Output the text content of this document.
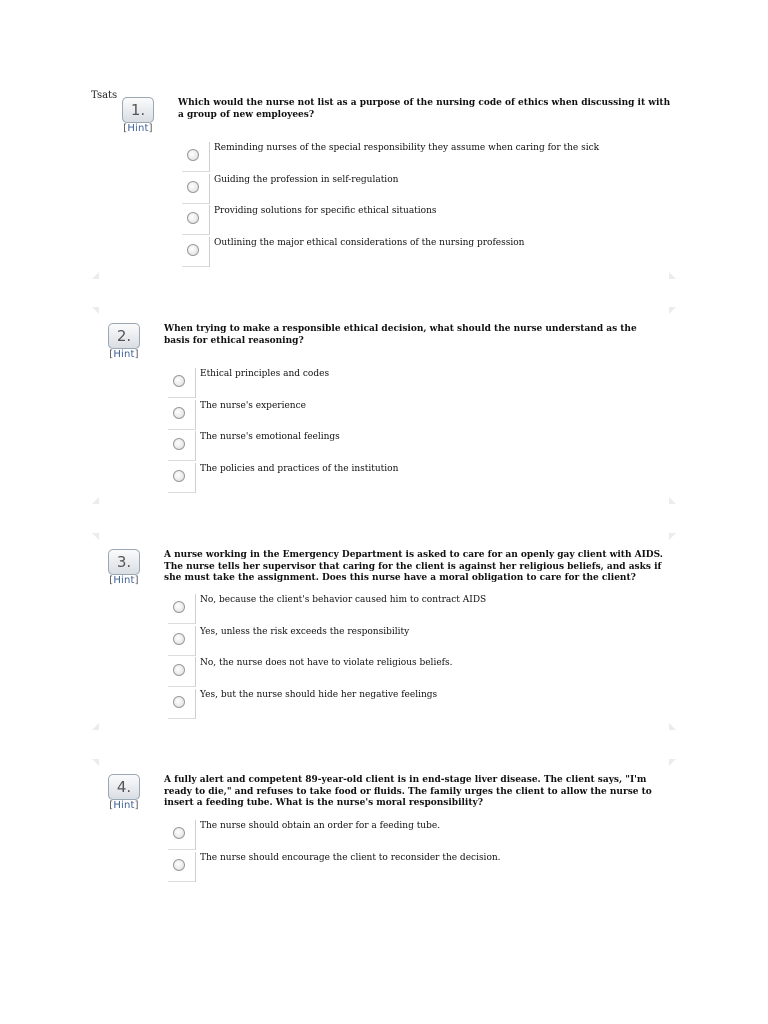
Tsats
1.
[Hint]
Which would the nurse not list as a purpose of the nursing code of ethics when discussing it with a group of new employees?
Reminding nurses of the special responsibility they assume when caring for the sick
Guiding the profession in self-regulation
Providing solutions for specific ethical situations
Outlining the major ethical considerations of the nursing profession
2.
[Hint]
When trying to make a responsible ethical decision, what should the nurse understand as the basis for ethical reasoning?
Ethical principles and codes
The nurse's experience
The nurse's emotional feelings
The policies and practices of the institution
3.
[Hint]
A nurse working in the Emergency Department is asked to care for an openly gay client with AIDS. The nurse tells her supervisor that caring for the client is against her religious beliefs, and asks if she must take the assignment. Does this nurse have a moral obligation to care for the client?
No, because the client's behavior caused him to contract AIDS
Yes, unless the risk exceeds the responsibility
No, the nurse does not have to violate religious beliefs.
Yes, but the nurse should hide her negative feelings
4.
[Hint]
A fully alert and competent 89-year-old client is in end-stage liver disease. The client says, "I'm ready to die," and refuses to take food or fluids. The family urges the client to allow the nurse to insert a feeding tube. What is the nurse's moral responsibility?
The nurse should obtain an order for a feeding tube.
The nurse should encourage the client to reconsider the decision.
